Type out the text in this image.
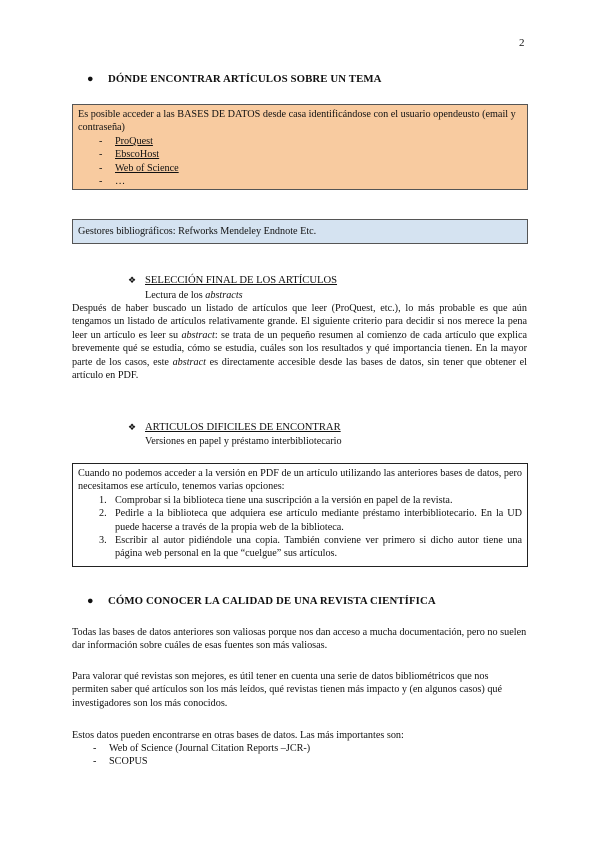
2
● DÓNDE ENCONTRAR ARTÍCULOS SOBRE UN TEMA
Es posible acceder a las BASES DE DATOS desde casa identificándose con el usuario opendeusto (email y contraseña)
- ProQuest
- EbscoHost
- Web of Science
- …
Gestores bibliográficos: Refworks Mendeley Endnote Etc.
❖ SELECCIÓN FINAL DE LOS ARTÍCULOS
Lectura de los abstracts
Después de haber buscado un listado de artículos que leer (ProQuest, etc.), lo más probable es que aún tengamos un listado de artículos relativamente grande. El siguiente criterio para decidir si nos merece la pena leer un artículo es leer su abstract: se trata de un pequeño resumen al comienzo de cada artículo que explica brevemente qué se estudia, cómo se estudia, cuáles son los resultados y qué importancia tienen. En la mayor parte de los casos, este abstract es directamente accesible desde las bases de datos, sin tener que obtener el artículo en PDF.
❖ ARTICULOS DIFICILES DE ENCONTRAR
Versiones en papel y préstamo interbibliotecario
Cuando no podemos acceder a la versión en PDF de un artículo utilizando las anteriores bases de datos, pero necesitamos ese artículo, tenemos varias opciones:
1. Comprobar si la biblioteca tiene una suscripción a la versión en papel de la revista.
2. Pedirle a la biblioteca que adquiera ese artículo mediante préstamo interbibliotecario. En la UD puede hacerse a través de la propia web de la biblioteca.
3. Escribir al autor pidiéndole una copia. También conviene ver primero si dicho autor tiene una página web personal en la que “cuelgue” sus artículos.
● CÓMO CONOCER LA CALIDAD DE UNA REVISTA CIENTÍFICA
Todas las bases de datos anteriores son valiosas porque nos dan acceso a mucha documentación, pero no suelen dar información sobre cuáles de esas fuentes son más valiosas.
Para valorar qué revistas son mejores, es útil tener en cuenta una serie de datos bibliométricos que nos permiten saber qué artículos son los más leídos, qué revistas tienen más impacto y (en algunos casos) qué investigadores son los más conocidos.
Estos datos pueden encontrarse en otras bases de datos. Las más importantes son:
- Web of Science (Journal Citation Reports –JCR-)
- SCOPUS
